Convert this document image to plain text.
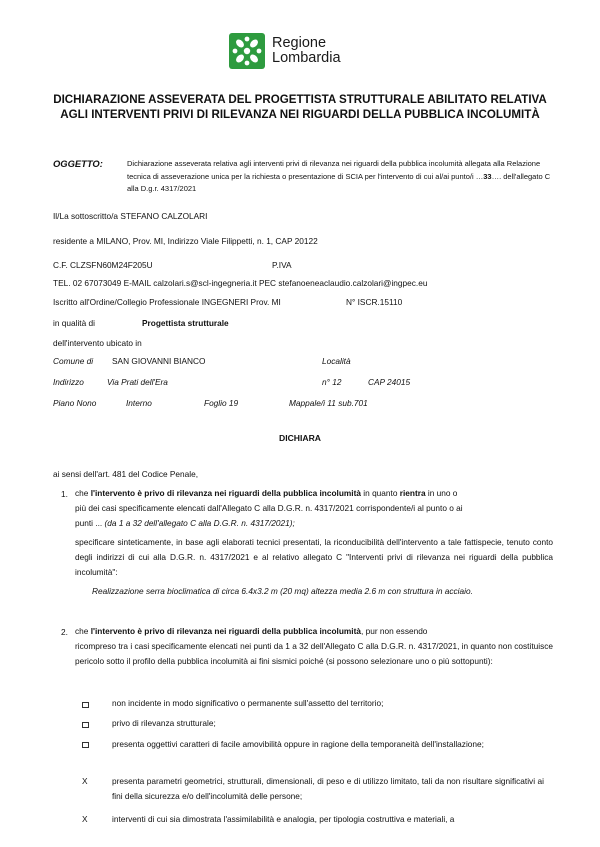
Regione
Lombardia
DICHIARAZIONE ASSEVERATA DEL PROGETTISTA STRUTTURALE ABILITATO RELATIVA AGLI INTERVENTI PRIVI DI RILEVANZA NEI RIGUARDI DELLA PUBBLICA INCOLUMITÀ
OGGETTO:	Dichiarazione asseverata relativa agli interventi privi di rilevanza nei riguardi della pubblica incolumità allegata alla Relazione tecnica di asseverazione unica per la richiesta o presentazione di SCIA per l'intervento di cui al/ai punto/i …33…. dell'allegato C alla D.g.r. 4317/2021
Il/La sottoscritto/a STEFANO CALZOLARI
residente a MILANO, Prov. MI, Indirizzo Viale Filippetti, n. 1, CAP 20122
C.F. CLZSFN60M24F205U	P.IVA
TEL. 02 67073049 E-MAIL calzolari.s@scl-ingegneria.it PEC stefanoeneaclaudio.calzolari@ingpec.eu
Iscritto all'Ordine/Collegio Professionale INGEGNERI Prov. MI	N° ISCR.15110
in qualità di	Progettista strutturale
dell'intervento ubicato in
Comune di SAN GIOVANNI BIANCO	Località
Indirizzo	Via Prati dell'Era	n° 12	CAP 24015
Piano Nono	Interno	Foglio 19	Mappale/i 11 sub.701
DICHIARA
ai sensi dell'art. 481 del Codice Penale,
1. che l'intervento è privo di rilevanza nei riguardi della pubblica incolumità in quanto rientra in uno o
più dei casi specificamente elencati dall'Allegato C alla D.G.R. n. 4317/2021 corrispondente/i al punto o ai
punti ... (da 1 a 32 dell'allegato C alla D.G.R. n. 4317/2021);
specificare sinteticamente, in base agli elaborati tecnici presentati, la riconducibilità dell'intervento a tale fattispecie, tenuto conto degli indirizzi di cui alla D.G.R. n. 4317/2021 e al relativo allegato C "Interventi privi di rilevanza nei riguardi della pubblica incolumità":
Realizzazione serra bioclimatica di circa 6.4x3.2 m (20 mq) altezza media 2.6 m con struttura in acciaio.
2. che l'intervento è privo di rilevanza nei riguardi della pubblica incolumità, pur non essendo
ricompreso tra i casi specificamente elencati nei punti da 1 a 32 dell'Allegato C alla D.G.R. n. 4317/2021, in quanto non costituisce pericolo sotto il profilo della pubblica incolumità ai fini sismici poiché (si possono selezionare uno o più sottopunti):
non incidente in modo significativo o permanente sull'assetto del territorio;
privo di rilevanza strutturale;
presenta oggettivi caratteri di facile amovibilità oppure in ragione della temporaneità dell'installazione;
X	presenta parametri geometrici, strutturali, dimensionali, di peso e di utilizzo limitato, tali da non risultare significativi ai fini della sicurezza e/o dell'incolumità delle persone;
X	interventi di cui sia dimostrata l'assimilabilità e analogia, per tipologia costruttiva e materiali, a
